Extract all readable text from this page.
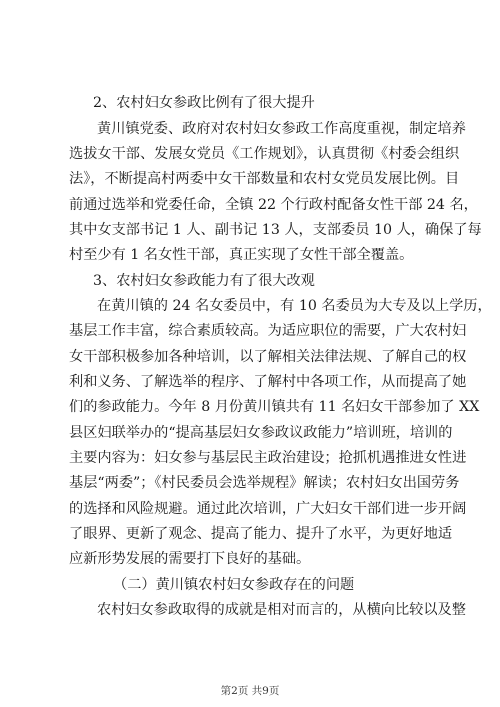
2、农村妇女参政比例有了很大提升
黄川镇党委、政府对农村妇女参政工作高度重视，制定培养
选拔女干部、发展女党员《工作规划》，认真贯彻《村委会组织
法》，不断提高村两委中女干部数量和农村女党员发展比例。目
前通过选举和党委任命，全镇 22 个行政村配备女性干部 24 名，
其中女支部书记 1 人、副书记 13 人，支部委员 10 人，确保了每
村至少有 1 名女性干部，真正实现了女性干部全覆盖。
3、农村妇女参政能力有了很大改观
在黄川镇的 24 名女委员中，有 10 名委员为大专及以上学历，
基层工作丰富，综合素质较高。为适应职位的需要，广大农村妇
女干部积极参加各种培训，以了解相关法律法规、了解自己的权
利和义务、了解选举的程序、了解村中各项工作，从而提高了她
们的参政能力。今年 8 月份黄川镇共有 11 名妇女干部参加了 XX
县区妇联举办的“提高基层妇女参政议政能力”培训班，培训的
主要内容为：妇女参与基层民主政治建设；抢抓机遇推进女性进
基层“两委”；《村民委员会选举规程》解读；农村妇女出国劳务
的选择和风险规避。通过此次培训，广大妇女干部们进一步开阔
了眼界、更新了观念、提高了能力、提升了水平，为更好地适
应新形势发展的需要打下良好的基础。
（二）黄川镇农村妇女参政存在的问题
农村妇女参政取得的成就是相对而言的，从横向比较以及整
第2页 共9页
